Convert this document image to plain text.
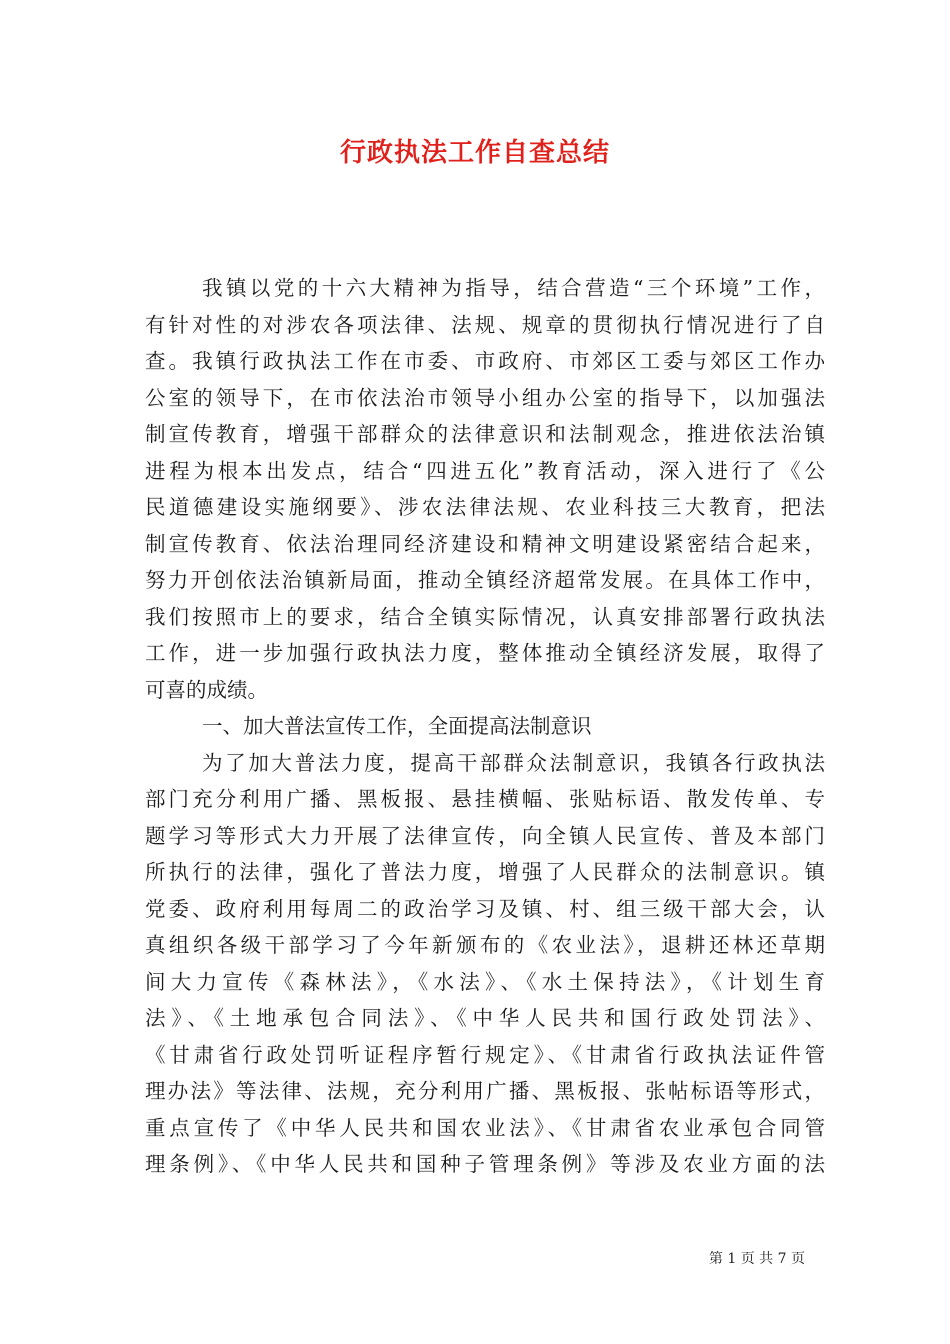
行政执法工作自查总结
我镇以党的十六大精神为指导，结合营造“三个环境”工作，
有针对性的对涉农各项法律、法规、规章的贯彻执行情况进行了自
查。我镇行政执法工作在市委、市政府、市郊区工委与郊区工作办
公室的领导下，在市依法治市领导小组办公室的指导下，以加强法
制宣传教育，增强干部群众的法律意识和法制观念，推进依法治镇
进程为根本出发点，结合“四进五化”教育活动，深入进行了《公
民道德建设实施纲要》、涉农法律法规、农业科技三大教育，把法
制宣传教育、依法治理同经济建设和精神文明建设紧密结合起来，
努力开创依法治镇新局面，推动全镇经济超常发展。在具体工作中，
我们按照市上的要求，结合全镇实际情况，认真安排部署行政执法
工作，进一步加强行政执法力度，整体推动全镇经济发展，取得了
可喜的成绩。
一、加大普法宣传工作，全面提高法制意识
为了加大普法力度，提高干部群众法制意识，我镇各行政执法
部门充分利用广播、黑板报、悬挂横幅、张贴标语、散发传单、专
题学习等形式大力开展了法律宣传，向全镇人民宣传、普及本部门
所执行的法律，强化了普法力度，增强了人民群众的法制意识。镇
党委、政府利用每周二的政治学习及镇、村、组三级干部大会，认
真组织各级干部学习了今年新颁布的《农业法》，退耕还林还草期
间大力宣传《森林法》，《水法》、《水土保持法》，《计划生育
法》、《土地承包合同法》、《中华人民共和国行政处罚法》、
《甘肃省行政处罚听证程序暂行规定》、《甘肃省行政执法证件管
理办法》等法律、法规，充分利用广播、黑板报、张帖标语等形式，
重点宣传了《中华人民共和国农业法》、《甘肃省农业承包合同管
理条例》、《中华人民共和国种子管理条例》等涉及农业方面的法
第 1 页 共 7 页
